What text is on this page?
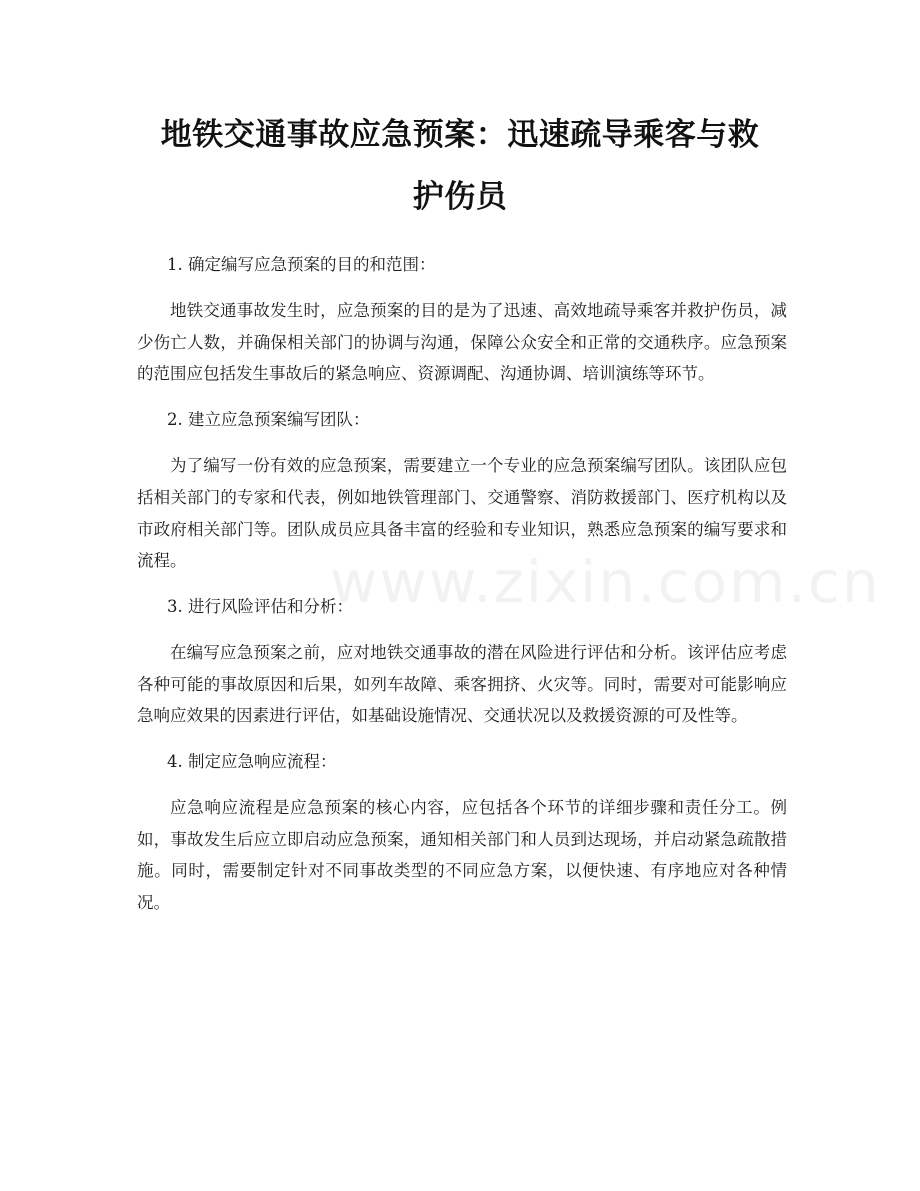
地铁交通事故应急预案：迅速疏导乘客与救
护伤员
www.zixin.com.cn

1. 确定编写应急预案的目的和范围：

地铁交通事故发生时，应急预案的目的是为了迅速、高效地疏导乘客并救护伤员，减少伤亡人数，并确保相关部门的协调与沟通，保障公众安全和正常的交通秩序。应急预案的范围应包括发生事故后的紧急响应、资源调配、沟通协调、培训演练等环节。

2. 建立应急预案编写团队：

为了编写一份有效的应急预案，需要建立一个专业的应急预案编写团队。该团队应包括相关部门的专家和代表，例如地铁管理部门、交通警察、消防救援部门、医疗机构以及市政府相关部门等。团队成员应具备丰富的经验和专业知识，熟悉应急预案的编写要求和流程。

3. 进行风险评估和分析：

在编写应急预案之前，应对地铁交通事故的潜在风险进行评估和分析。该评估应考虑各种可能的事故原因和后果，如列车故障、乘客拥挤、火灾等。同时，需要对可能影响应急响应效果的因素进行评估，如基础设施情况、交通状况以及救援资源的可及性等。

4. 制定应急响应流程：

应急响应流程是应急预案的核心内容，应包括各个环节的详细步骤和责任分工。例如，事故发生后应立即启动应急预案，通知相关部门和人员到达现场，并启动紧急疏散措施。同时，需要制定针对不同事故类型的不同应急方案，以便快速、有序地应对各种情况。
